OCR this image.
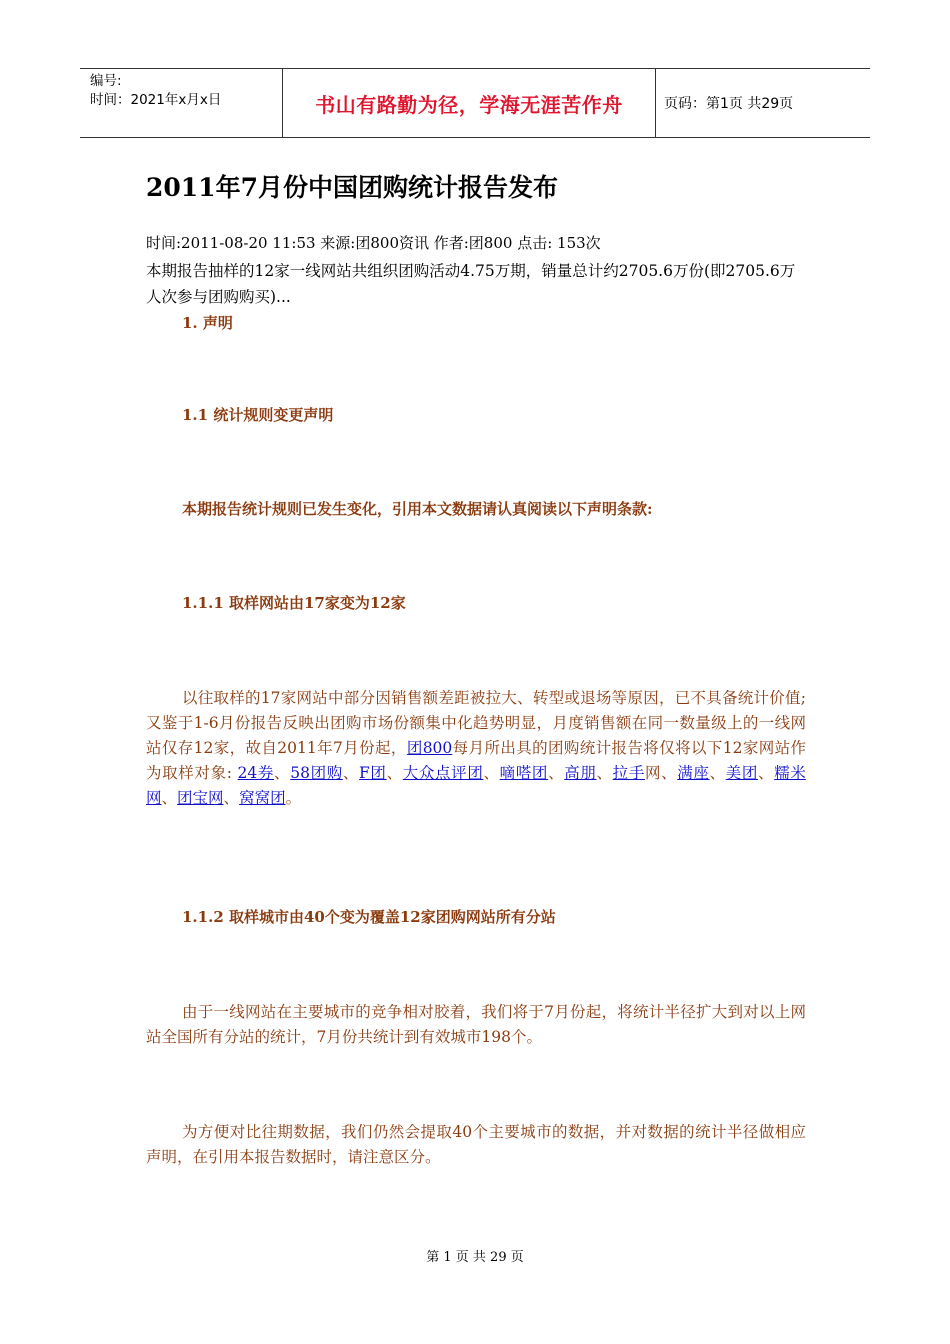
编号:
时间：2021年x月x日	书山有路勤为径，学海无涯苦作舟	页码：第1页 共29页
2011年7月份中国团购统计报告发布
时间:2011-08-20 11:53 来源:团800资讯 作者:团800 点击: 153次
本期报告抽样的12家一线网站共组织团购活动4.75万期，销量总计约2705.6万份(即2705.6万人次参与团购购买)...
1. 声明
1.1 统计规则变更声明
本期报告统计规则已发生变化，引用本文数据请认真阅读以下声明条款:
1.1.1 取样网站由17家变为12家
以往取样的17家网站中部分因销售额差距被拉大、转型或退场等原因，已不具备统计价值;又鉴于1-6月份报告反映出团购市场份额集中化趋势明显，月度销售额在同一数量级上的一线网站仅存12家，故自2011年7月份起，团800每月所出具的团购统计报告将仅将以下12家网站作为取样对象: 24券、58团购、F团、大众点评团、嘀嗒团、高朋、拉手网、满座、美团、糯米网、团宝网、窝窝团。
1.1.2 取样城市由40个变为覆盖12家团购网站所有分站
由于一线网站在主要城市的竞争相对胶着，我们将于7月份起，将统计半径扩大到对以上网站全国所有分站的统计，7月份共统计到有效城市198个。
为方便对比往期数据，我们仍然会提取40个主要城市的数据，并对数据的统计半径做相应声明，在引用本报告数据时，请注意区分。
第 1 页 共 29 页
